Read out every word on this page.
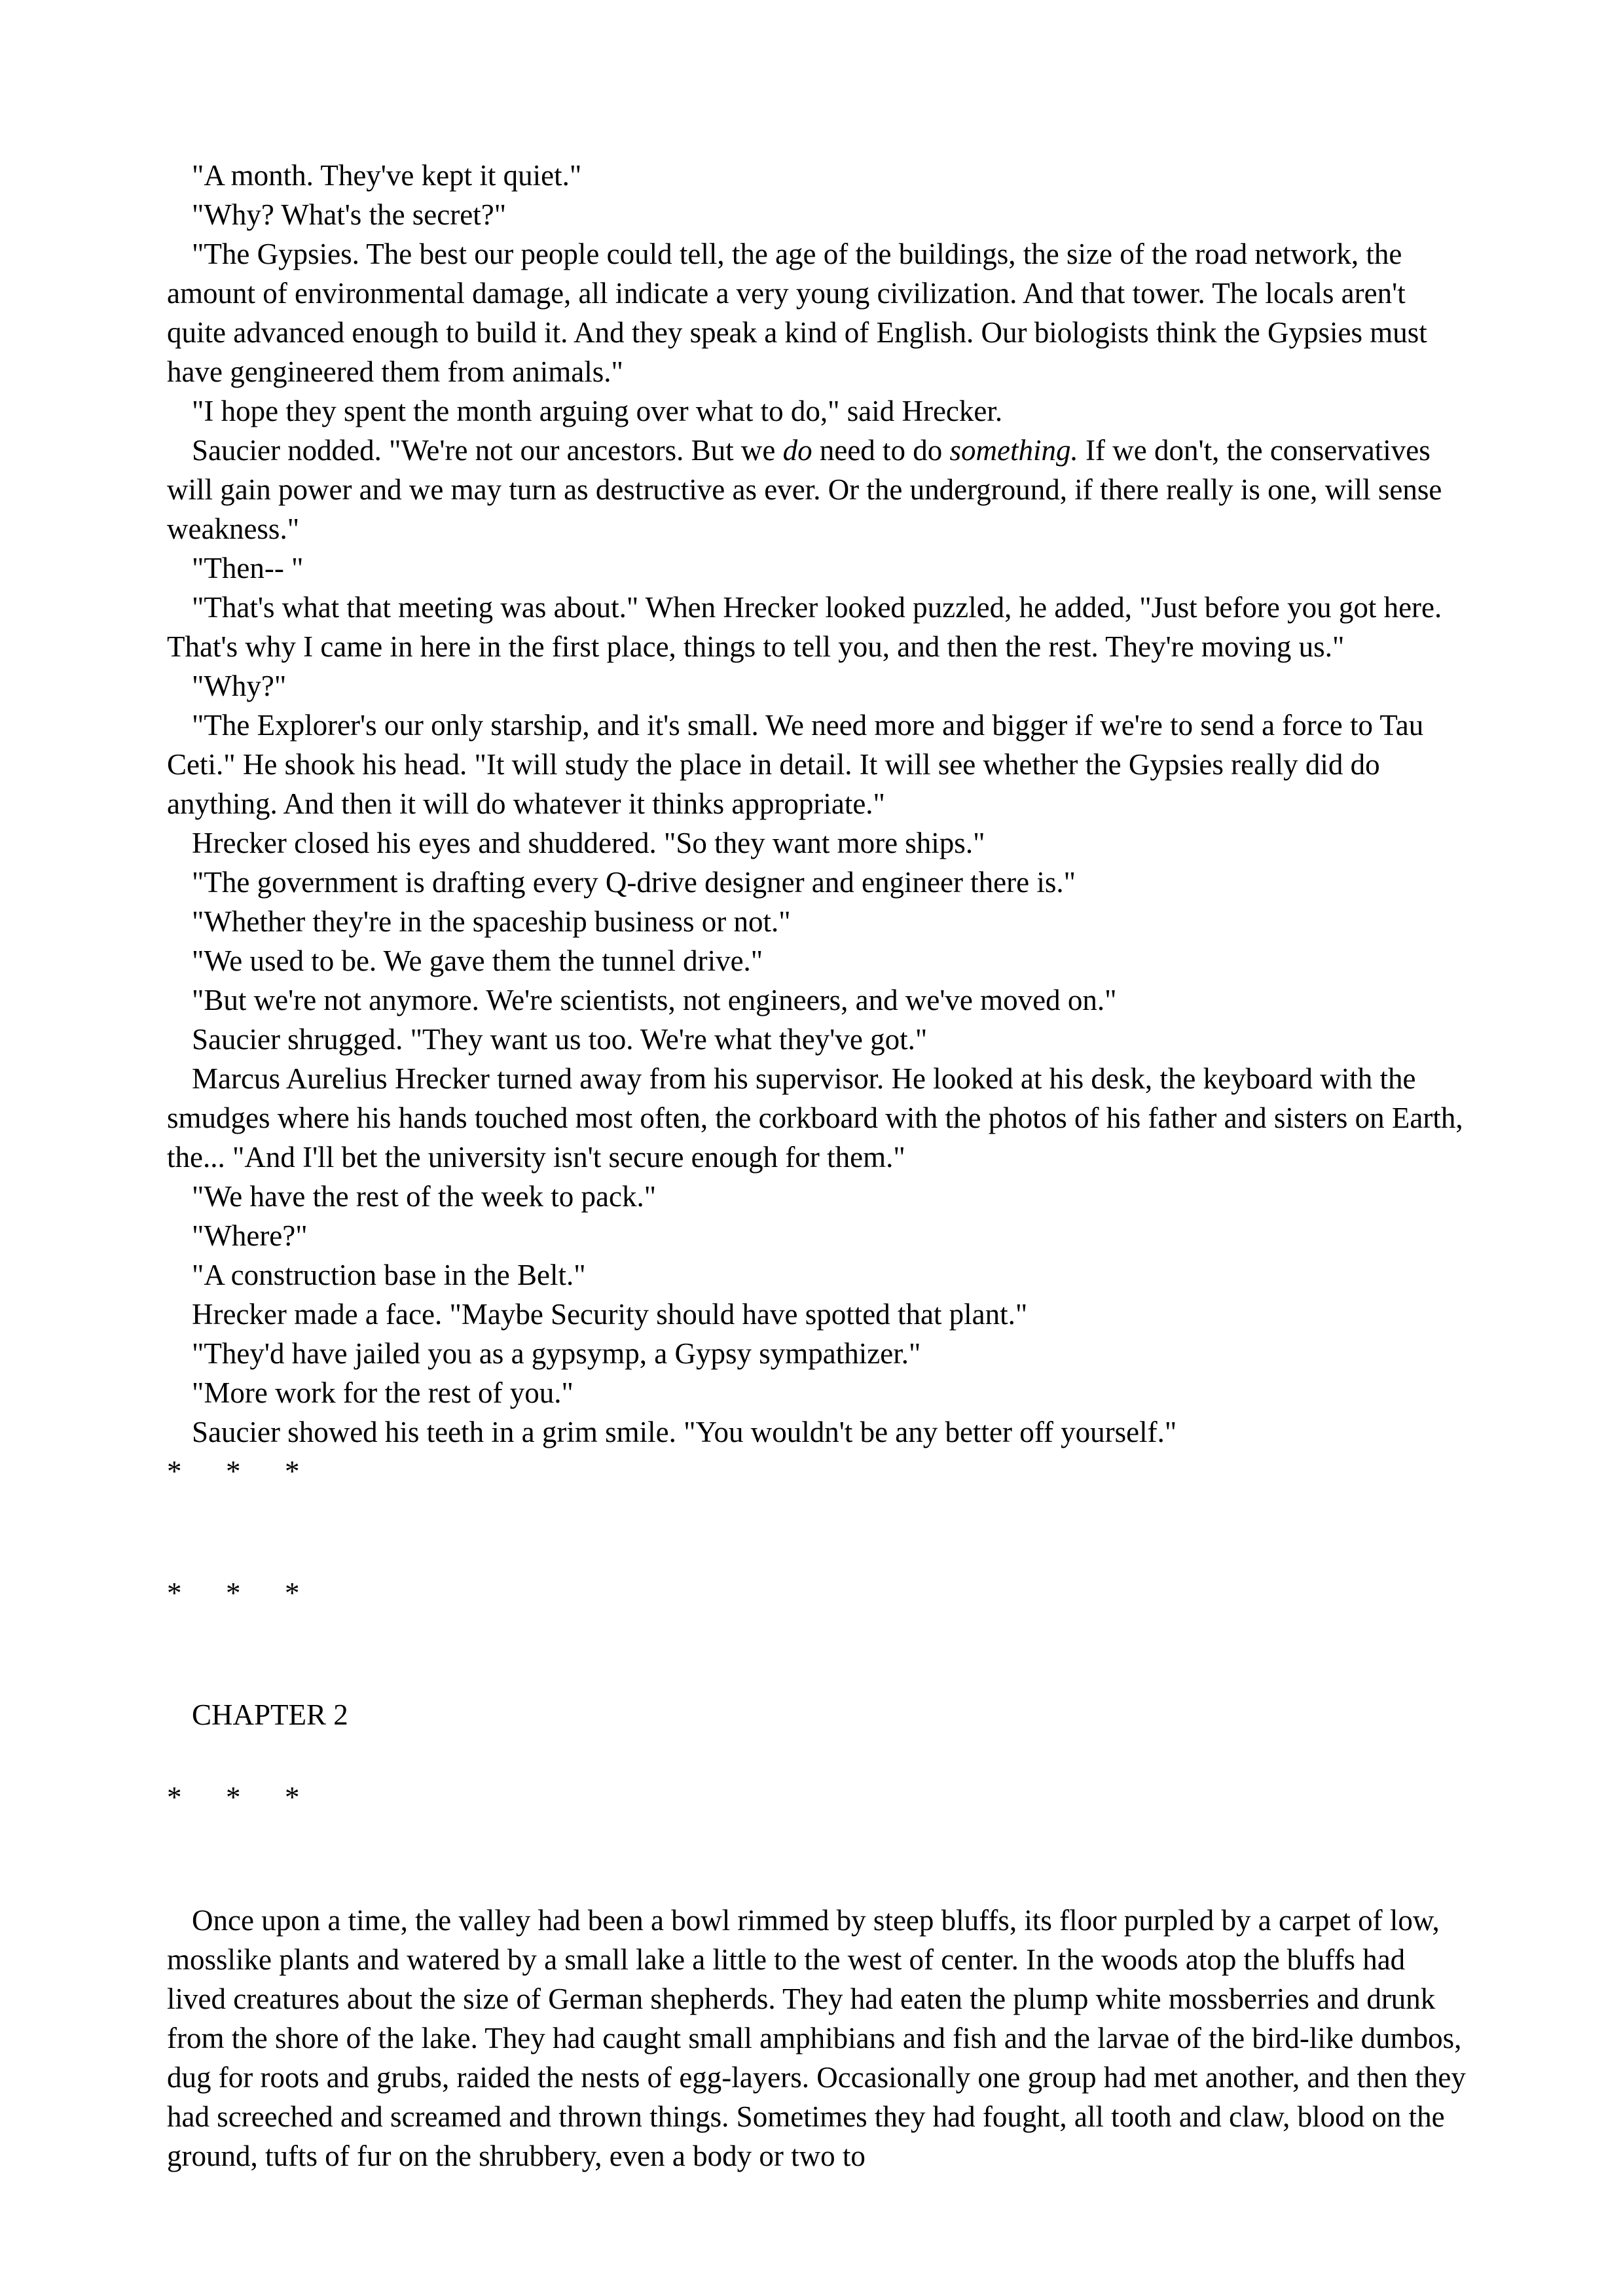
"A month. They've kept it quiet."

"Why? What's the secret?"

"The Gypsies. The best our people could tell, the age of the buildings, the size of the road network, the amount of environmental damage, all indicate a very young civilization. And that tower. The locals aren't quite advanced enough to build it. And they speak a kind of English. Our biologists think the Gypsies must have gengineered them from animals."

"I hope they spent the month arguing over what to do," said Hrecker.

Saucier nodded. "We're not our ancestors. But we do need to do something. If we don't, the conservatives will gain power and we may turn as destructive as ever. Or the underground, if there really is one, will sense weakness."

"Then-- "

"That's what that meeting was about." When Hrecker looked puzzled, he added, "Just before you got here. That's why I came in here in the first place, things to tell you, and then the rest. They're moving us."

"Why?"

"The Explorer's our only starship, and it's small. We need more and bigger if we're to send a force to Tau Ceti." He shook his head. "It will study the place in detail. It will see whether the Gypsies really did do anything. And then it will do whatever it thinks appropriate."

Hrecker closed his eyes and shuddered. "So they want more ships."

"The government is drafting every Q-drive designer and engineer there is."

"Whether they're in the spaceship business or not."

"We used to be. We gave them the tunnel drive."

"But we're not anymore. We're scientists, not engineers, and we've moved on."

Saucier shrugged. "They want us too. We're what they've got."

Marcus Aurelius Hrecker turned away from his supervisor. He looked at his desk, the keyboard with the smudges where his hands touched most often, the corkboard with the photos of his father and sisters on Earth, the... "And I'll bet the university isn't secure enough for them."

"We have the rest of the week to pack."

"Where?"

"A construction base in the Belt."

Hrecker made a face. "Maybe Security should have spotted that plant."

"They'd have jailed you as a gypsymp, a Gypsy sympathizer."

"More work for the rest of you."

Saucier showed his teeth in a grim smile. "You wouldn't be any better off yourself."

*      *      *

*      *      *

CHAPTER 2

*      *      *

Once upon a time, the valley had been a bowl rimmed by steep bluffs, its floor purpled by a carpet of low, mosslike plants and watered by a small lake a little to the west of center. In the woods atop the bluffs had lived creatures about the size of German shepherds. They had eaten the plump white mossberries and drunk from the shore of the lake. They had caught small amphibians and fish and the larvae of the bird-like dumbos, dug for roots and grubs, raided the nests of egg-layers. Occasionally one group had met another, and then they had screeched and screamed and thrown things. Sometimes they had fought, all tooth and claw, blood on the ground, tufts of fur on the shrubbery, even a body or two to
